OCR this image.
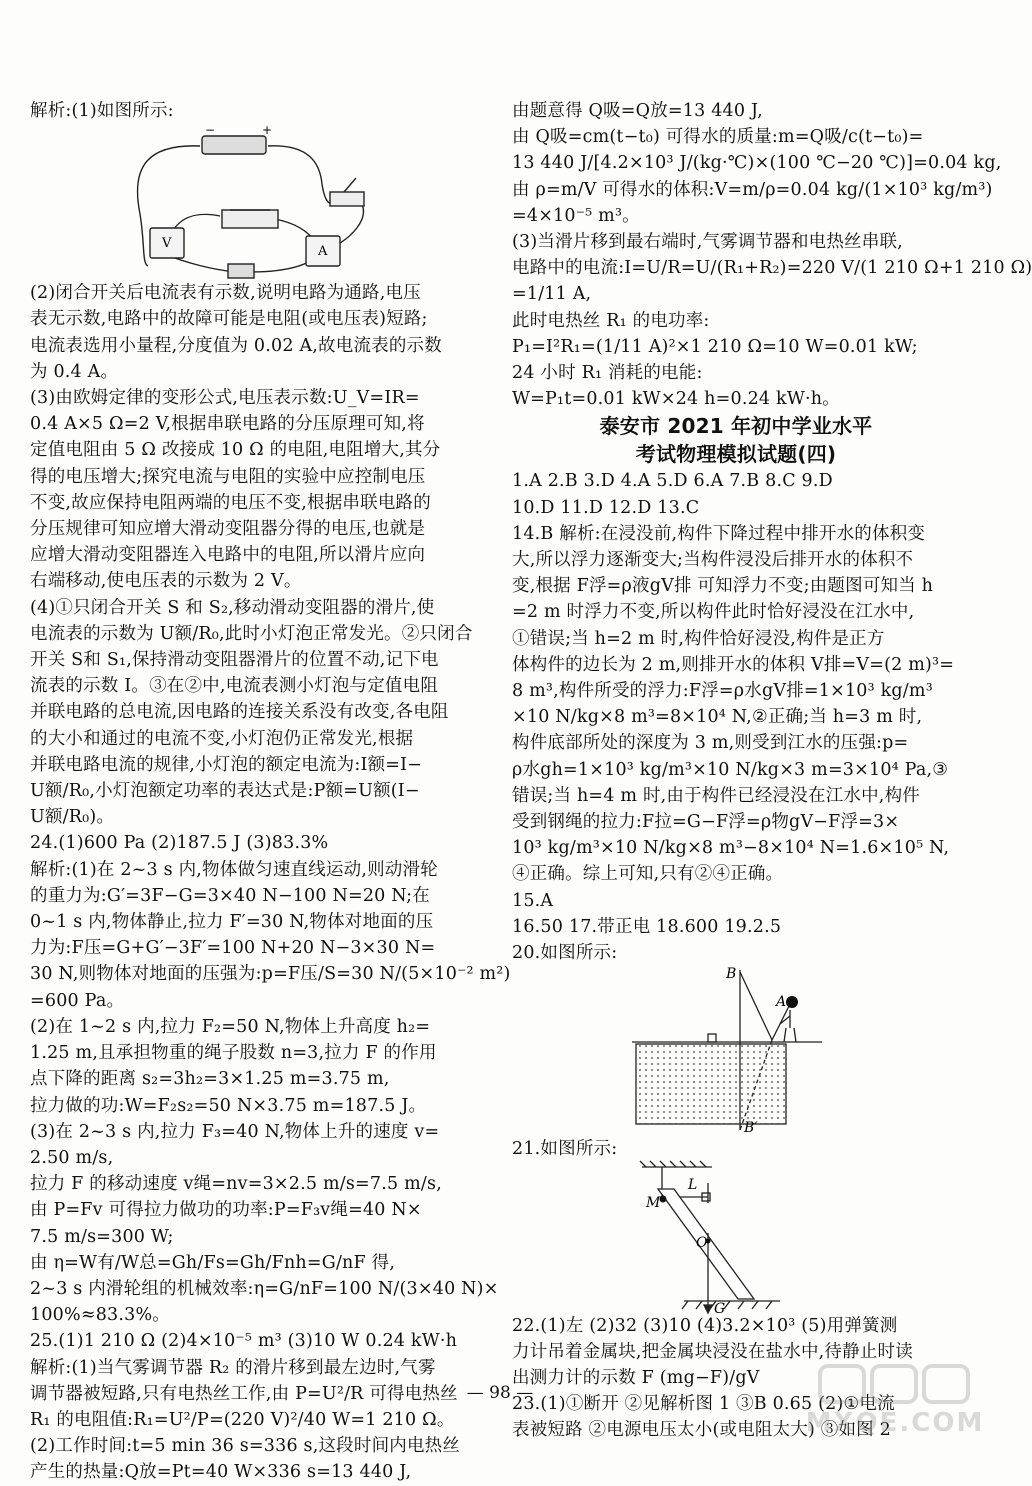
解析:(1)如图所示:
−	+
V
A
(2)闭合开关后电流表有示数,说明电路为通路,电压
表无示数,电路中的故障可能是电阻(或电压表)短路;
电流表选用小量程,分度值为 0.02 A,故电流表的示数
为 0.4 A。
(3)由欧姆定律的变形公式,电压表示数:U_V=IR=
0.4 A×5 Ω=2 V,根据串联电路的分压原理可知,将
定值电阻由 5 Ω 改接成 10 Ω 的电阻,电阻增大,其分
得的电压增大;探究电流与电阻的实验中应控制电压
不变,故应保持电阻两端的电压不变,根据串联电路的
分压规律可知应增大滑动变阻器分得的电压,也就是
应增大滑动变阻器连入电路中的电阻,所以滑片应向
右端移动,使电压表的示数为 2 V。
(4)①只闭合开关 S 和 S₂,移动滑动变阻器的滑片,使
电流表的示数为 U额/R₀,此时小灯泡正常发光。②只闭合
开关 S和 S₁,保持滑动变阻器滑片的位置不动,记下电
流表的示数 I。③在②中,电流表测小灯泡与定值电阻
并联电路的总电流,因电路的连接关系没有改变,各电阻
的大小和通过的电流不变,小灯泡仍正常发光,根据
并联电路电流的规律,小灯泡的额定电流为:I额=I−
U额/R₀,小灯泡额定功率的表达式是:P额=U额(I−
U额/R₀)。
24.(1)600 Pa (2)187.5 J (3)83.3%
解析:(1)在 2~3 s 内,物体做匀速直线运动,则动滑轮
的重力为:G′=3F−G=3×40 N−100 N=20 N;在
0~1 s 内,物体静止,拉力 F′=30 N,物体对地面的压
力为:F压=G+G′−3F′=100 N+20 N−3×30 N=
30 N,则物体对地面的压强为:p=F压/S=30 N/(5×10⁻² m²)
=600 Pa。
(2)在 1~2 s 内,拉力 F₂=50 N,物体上升高度 h₂=
1.25 m,且承担物重的绳子股数 n=3,拉力 F 的作用
点下降的距离 s₂=3h₂=3×1.25 m=3.75 m,
拉力做的功:W=F₂s₂=50 N×3.75 m=187.5 J。
(3)在 2~3 s 内,拉力 F₃=40 N,物体上升的速度 v=
2.50 m/s,
拉力 F 的移动速度 v绳=nv=3×2.5 m/s=7.5 m/s,
由 P=Fv 可得拉力做功的功率:P=F₃v绳=40 N×
7.5 m/s=300 W;
由 η=W有/W总=Gh/Fs=Gh/Fnh=G/nF 得,
2~3 s 内滑轮组的机械效率:η=G/nF=100 N/(3×40 N)×
100%≈83.3%。
25.(1)1 210 Ω (2)4×10⁻⁵ m³ (3)10 W 0.24 kW·h
解析:(1)当气雾调节器 R₂ 的滑片移到最左边时,气雾
调节器被短路,只有电热丝工作,由 P=U²/R 可得电热丝
R₁ 的电阻值:R₁=U²/P=(220 V)²/40 W=1 210 Ω。
(2)工作时间:t=5 min 36 s=336 s,这段时间内电热丝
产生的热量:Q放=Pt=40 W×336 s=13 440 J,
由题意得 Q吸=Q放=13 440 J,
由 Q吸=cm(t−t₀) 可得水的质量:m=Q吸/c(t−t₀)=
13 440 J/[4.2×10³ J/(kg·℃)×(100 ℃−20 ℃)]=0.04 kg,
由 ρ=m/V 可得水的体积:V=m/ρ=0.04 kg/(1×10³ kg/m³)
=4×10⁻⁵ m³。
(3)当滑片移到最右端时,气雾调节器和电热丝串联,
电路中的电流:I=U/R=U/(R₁+R₂)=220 V/(1 210 Ω+1 210 Ω)
=1/11 A,
此时电热丝 R₁ 的电功率:
P₁=I²R₁=(1/11 A)²×1 210 Ω=10 W=0.01 kW;
24 小时 R₁ 消耗的电能:
W=P₁t=0.01 kW×24 h=0.24 kW·h。
泰安市 2021 年初中学业水平
考试物理模拟试题(四)
1.A 2.B 3.D 4.A 5.D 6.A 7.B 8.C 9.D
10.D 11.D 12.D 13.C
14.B 解析:在浸没前,构件下降过程中排开水的体积变
大,所以浮力逐渐变大;当构件浸没后排开水的体积不
变,根据 F浮=ρ液gV排 可知浮力不变;由题图可知当 h
=2 m 时浮力不变,所以构件此时恰好浸没在江水中,
①错误;当 h=2 m 时,构件恰好浸没,构件是正方
体构件的边长为 2 m,则排开水的体积 V排=V=(2 m)³=
8 m³,构件所受的浮力:F浮=ρ水gV排=1×10³ kg/m³
×10 N/kg×8 m³=8×10⁴ N,②正确;当 h=3 m 时,
构件底部所处的深度为 3 m,则受到江水的压强:p=
ρ水gh=1×10³ kg/m³×10 N/kg×3 m=3×10⁴ Pa,③
错误;当 h=4 m 时,由于构件已经浸没在江水中,构件
受到钢绳的拉力:F拉=G−F浮=ρ物gV−F浮=3×
10³ kg/m³×10 N/kg×8 m³−8×10⁴ N=1.6×10⁵ N,
④正确。综上可知,只有②④正确。
15.A
16.50 17.带正电 18.600 19.2.5
20.如图所示:
B
A
B′
21.如图所示:
L
M
O
G
22.(1)左 (2)32 (3)10 (4)3.2×10³ (5)用弹簧测
力计吊着金属块,把金属块浸没在盐水中,待静止时读
出测力计的示数 F (mg−F)/gV
23.(1)①断开 ②见解析图 1 ③B 0.65 (2)①电流
表被短路 ②电源电压太小(或电阻太大) ③如图 2
— 98 —
MXQE.COM
